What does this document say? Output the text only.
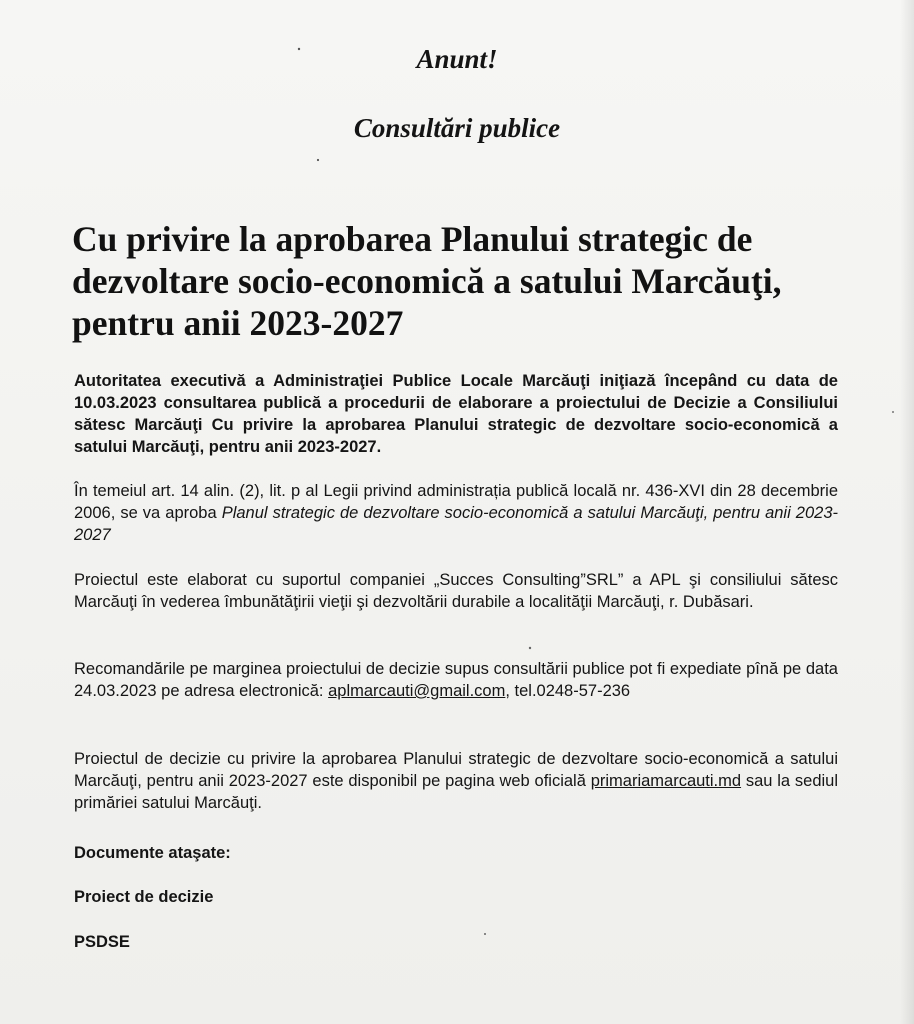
Anunt!
Consultări publice
Cu privire la aprobarea Planului strategic de dezvoltare socio-economică a satului Marcăuţi, pentru anii 2023-2027
Autoritatea executivă a Administraţiei Publice Locale Marcăuţi iniţiază începând cu data de 10.03.2023 consultarea publică a procedurii de elaborare a proiectului de Decizie a Consiliului sătesc Marcăuţi Cu privire la aprobarea Planului strategic de dezvoltare socio-economică a satului Marcăuţi, pentru anii 2023-2027.
În temeiul art. 14 alin. (2), lit. p al Legii privind administrația publică locală nr. 436-XVI din 28 decembrie 2006, se va aproba Planul strategic de dezvoltare socio-economică a satului Marcăuţi, pentru anii 2023-2027
Proiectul este elaborat cu suportul companiei „Succes Consulting”SRL” a APL şi consiliului sătesc Marcăuţi în vederea îmbunătăţirii vieţii şi dezvoltării durabile a localităţii Marcăuţi, r. Dubăsari.
Recomandările pe marginea proiectului de decizie supus consultării publice pot fi expediate pînă pe data 24.03.2023 pe adresa electronică: aplmarcauti@gmail.com, tel.0248-57-236
Proiectul de decizie cu privire la aprobarea Planului strategic de dezvoltare socio-economică a satului Marcăuţi, pentru anii 2023-2027 este disponibil pe pagina web oficială primariamarcauti.md sau la sediul primăriei satului Marcăuţi.
Documente ataşate:
Proiect de decizie
PSDSE
